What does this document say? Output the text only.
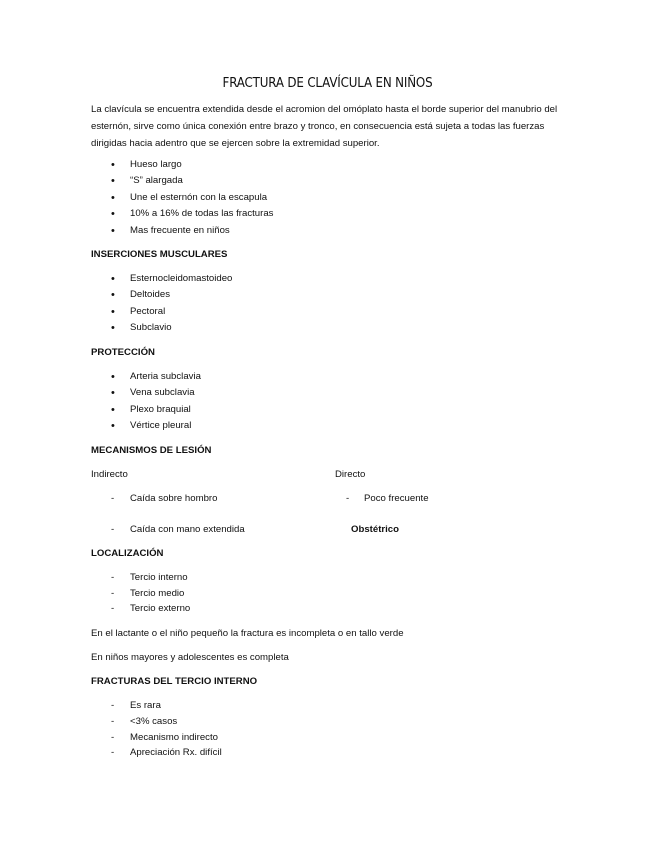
FRACTURA DE CLAVÍCULA EN NIÑOS

La clavícula se encuentra extendida desde el acromion del omóplato hasta el borde superior del manubrio del esternón, sirve como única conexión entre brazo y tronco, en consecuencia está sujeta a todas las fuerzas dirigidas hacia adentro que se ejercen sobre la extremidad superior.

•
Hueso largo
•
“S” alargada
•
Une el esternón con la escapula
•
10% a 16% de todas las fracturas
•
Mas frecuente en niños

INSERCIONES MUSCULARES

•
Esternocleidomastoideo
•
Deltoides
•
Pectoral
•
Subclavio

PROTECCIÓN

•
Arteria subclavia
•
Vena subclavia
•
Plexo braquial
•
Vértice pleural

MECANISMOS DE LESIÓN

Indirecto	Directo

- Caída sobre hombro	- Poco frecuente

- Caída con mano extendida	Obstétrico

LOCALIZACIÓN

-
Tercio interno
-
Tercio medio
-
Tercio externo

En el lactante o el niño pequeño la fractura es incompleta o en tallo verde

En niños mayores y adolescentes es completa

FRACTURAS DEL TERCIO INTERNO

-
Es rara
-
<3% casos
-
Mecanismo indirecto
-
Apreciación Rx. difícil
